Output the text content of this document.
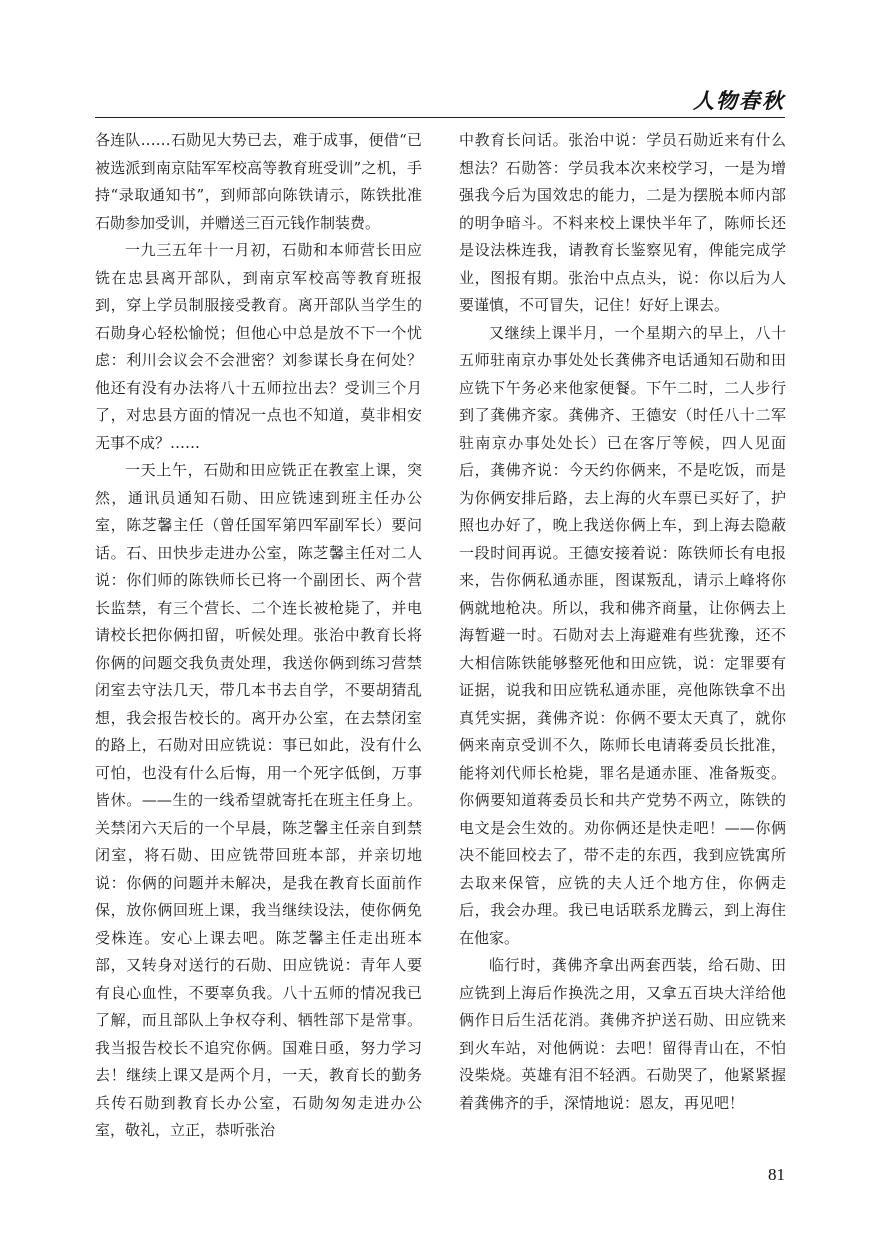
人物春秋

各连队……石勋见大势已去，难于成事，便借“已被选派到南京陆军军校高等教育班受训”之机，手持“录取通知书”，到师部向陈铁请示，陈铁批准石勋参加受训，并赠送三百元钱作制装费。

一九三五年十一月初，石勋和本师营长田应铣在忠县离开部队，到南京军校高等教育班报到，穿上学员制服接受教育。离开部队当学生的石勋身心轻松愉悦；但他心中总是放不下一个忧虑：利川会议会不会泄密？刘参谋长身在何处？他还有没有办法将八十五师拉出去？受训三个月了，对忠县方面的情况一点也不知道，莫非相安无事不成？……

一天上午，石勋和田应铣正在教室上课，突然，通讯员通知石勋、田应铣速到班主任办公室，陈芝馨主任（曾任国军第四军副军长）要问话。石、田快步走进办公室，陈芝馨主任对二人说：你们师的陈铁师长已将一个副团长、两个营长监禁，有三个营长、二个连长被枪毙了，并电请校长把你俩扣留，听候处理。张治中教育长将你俩的问题交我负责处理，我送你俩到练习营禁闭室去守法几天，带几本书去自学，不要胡猜乱想，我会报告校长的。离开办公室，在去禁闭室的路上，石勋对田应铣说：事已如此，没有什么可怕，也没有什么后悔，用一个死字低倒，万事皆休。——生的一线希望就寄托在班主任身上。关禁闭六天后的一个早晨，陈芝馨主任亲自到禁闭室，将石勋、田应铣带回班本部，并亲切地说：你俩的问题并未解决，是我在教育长面前作保，放你俩回班上课，我当继续设法，使你俩免受株连。安心上课去吧。陈芝馨主任走出班本部，又转身对送行的石勋、田应铣说：青年人要有良心血性，不要辜负我。八十五师的情况我已了解，而且部队上争权夺利、牺牲部下是常事。我当报告校长不追究你俩。国难日亟，努力学习去！继续上课又是两个月，一天，教育长的勤务兵传石勋到教育长办公室，石勋匆匆走进办公室，敬礼，立正，恭听张治

中教育长问话。张治中说：学员石勋近来有什么想法？石勋答：学员我本次来校学习，一是为增强我今后为国效忠的能力，二是为摆脱本师内部的明争暗斗。不料来校上课快半年了，陈师长还是设法株连我，请教育长鉴察见宥，俾能完成学业，图报有期。张治中点点头，说：你以后为人要谨慎，不可冒失，记住！好好上课去。

又继续上课半月，一个星期六的早上，八十五师驻南京办事处处长龚佛齐电话通知石勋和田应铣下午务必来他家便餐。下午二时，二人步行到了龚佛齐家。龚佛齐、王德安（时任八十二军驻南京办事处处长）已在客厅等候，四人见面后，龚佛齐说：今天约你俩来，不是吃饭，而是为你俩安排后路，去上海的火车票已买好了，护照也办好了，晚上我送你俩上车，到上海去隐蔽一段时间再说。王德安接着说：陈铁师长有电报来，告你俩私通赤匪，图谋叛乱，请示上峰将你俩就地枪决。所以，我和佛齐商量，让你俩去上海暂避一时。石勋对去上海避难有些犹豫，还不大相信陈铁能够整死他和田应铣，说：定罪要有证据，说我和田应铣私通赤匪，亮他陈铁拿不出真凭实据，龚佛齐说：你俩不要太天真了，就你俩来南京受训不久，陈师长电请蒋委员长批准，能将刘代师长枪毙，罪名是通赤匪、准备叛变。你俩要知道蒋委员长和共产党势不两立，陈铁的电文是会生效的。劝你俩还是快走吧！——你俩决不能回校去了，带不走的东西，我到应铣寓所去取来保管，应铣的夫人迁个地方住，你俩走后，我会办理。我已电话联系龙腾云，到上海住在他家。

临行时，龚佛齐拿出两套西装，给石勋、田应铣到上海后作换洗之用，又拿五百块大洋给他俩作日后生活花消。龚佛齐护送石勋、田应铣来到火车站，对他俩说：去吧！留得青山在，不怕没柴烧。英雄有泪不轻洒。石勋哭了，他紧紧握着龚佛齐的手，深情地说：恩友，再见吧！

81
